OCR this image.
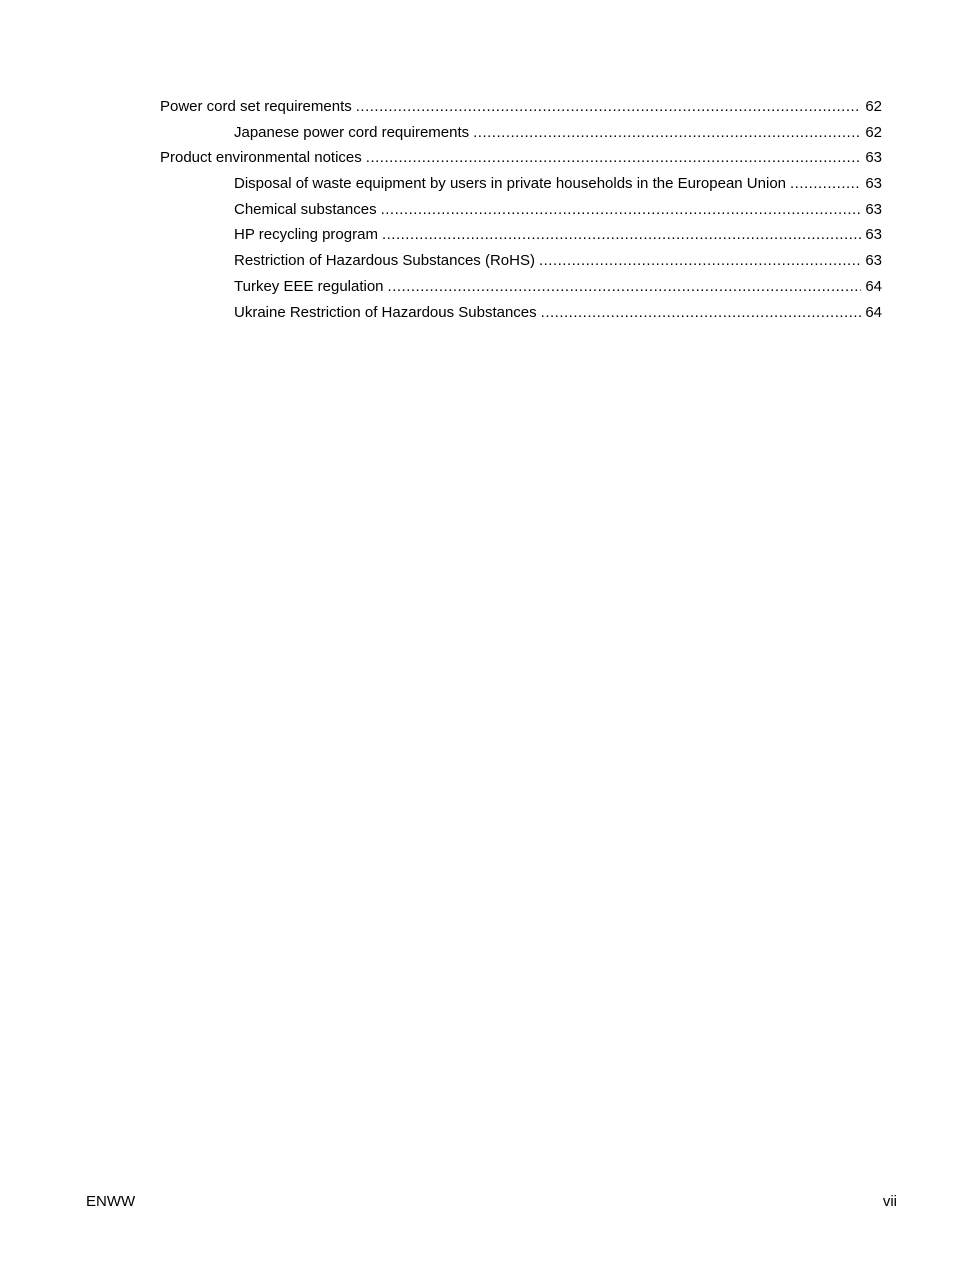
Power cord set requirements .....	62
Japanese power cord requirements .....	62
Product environmental notices .....	63
Disposal of waste equipment by users in private households in the European Union .....	63
Chemical substances .....	63
HP recycling program .....	63
Restriction of Hazardous Substances (RoHS) .....	63
Turkey EEE regulation .....	64
Ukraine Restriction of Hazardous Substances .....	64
ENWW	vii
